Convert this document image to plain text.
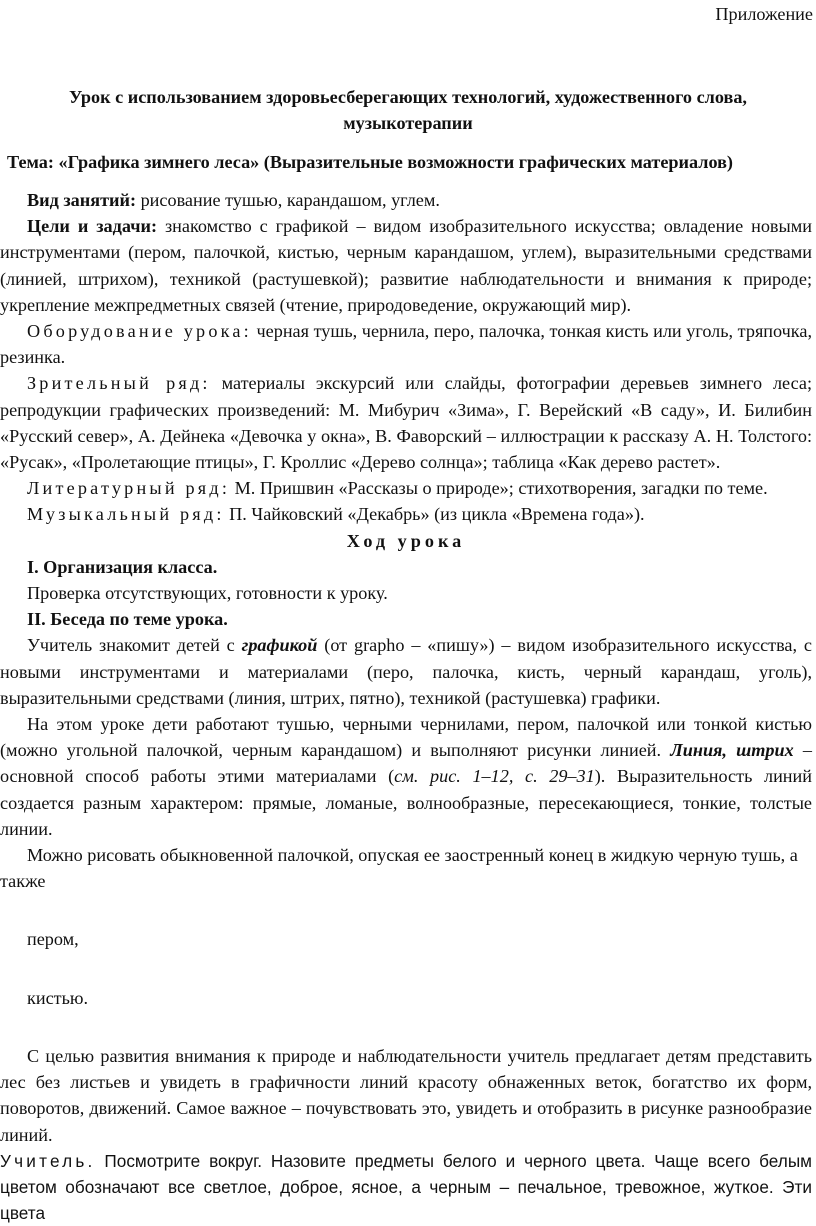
Приложение
Урок с использованием здоровьесберегающих технологий, художественного слова,
музыкотерапии
Тема: «Графика зимнего леса» (Выразительные возможности графических материалов)

Вид занятий: рисование тушью, карандашом, углем.

Цели и задачи: знакомство с графикой – видом изобразительного искусства; овладение новыми инструментами (пером, палочкой, кистью, черным карандашом, углем), выразительными средствами (линией, штрихом), техникой (растушевкой); развитие наблюдательности и внимания к природе; укрепление межпредметных связей (чтение, природоведение, окружающий мир).

Оборудование урока: черная тушь, чернила, перо, палочка, тонкая кисть или уголь, тряпочка, резинка.

Зрительный ряд: материалы экскурсий или слайды, фотографии деревьев зимнего леса; репродукции графических произведений: М. Мибурич «Зима», Г. Верейский «В саду», И. Билибин «Русский север», А. Дейнека «Девочка у окна», В. Фаворский – иллюстрации к рассказу А. Н. Толстого: «Русак», «Пролетающие птицы», Г. Кроллис «Дерево солнца»; таблица «Как дерево растет».

Литературный ряд: М. Пришвин «Рассказы о природе»; стихотворения, загадки по теме.

Музыкальный ряд: П. Чайковский «Декабрь» (из цикла «Времена года»).

Ход урока

I. Организация класса.

Проверка отсутствующих, готовности к уроку.

II. Беседа по теме урока.

Учитель знакомит детей с графикой (от grapho – «пишу») – видом изобразительного искусства, с новыми инструментами и материалами (перо, палочка, кисть, черный карандаш, уголь), выразительными средствами (линия, штрих, пятно), техникой (растушевка) графики.

На этом уроке дети работают тушью, черными чернилами, пером, палочкой или тонкой кистью (можно угольной палочкой, черным карандашом) и выполняют рисунки линией. Линия, штрих – основной способ работы этими материалами (см. рис. 1–12, с. 29–31). Выразительность линий создается разным характером: прямые, ломаные, волнообразные, пересекающиеся, тонкие, толстые линии.

Можно рисовать обыкновенной палочкой, опуская ее заостренный конец в жидкую черную тушь, а также

пером,

кистью.

С целью развития внимания к природе и наблюдательности учитель предлагает детям представить лес без листьев и увидеть в графичности линий красоту обнаженных веток, богатство их форм, поворотов, движений. Самое важное – почувствовать это, увидеть и отобразить в рисунке разнообразие линий.

Учитель. Посмотрите вокруг. Назовите предметы белого и черного цвета. Чаще всего белым цветом обозначают все светлое, доброе, ясное, а черным – печальное, тревожное, жуткое. Эти цвета
